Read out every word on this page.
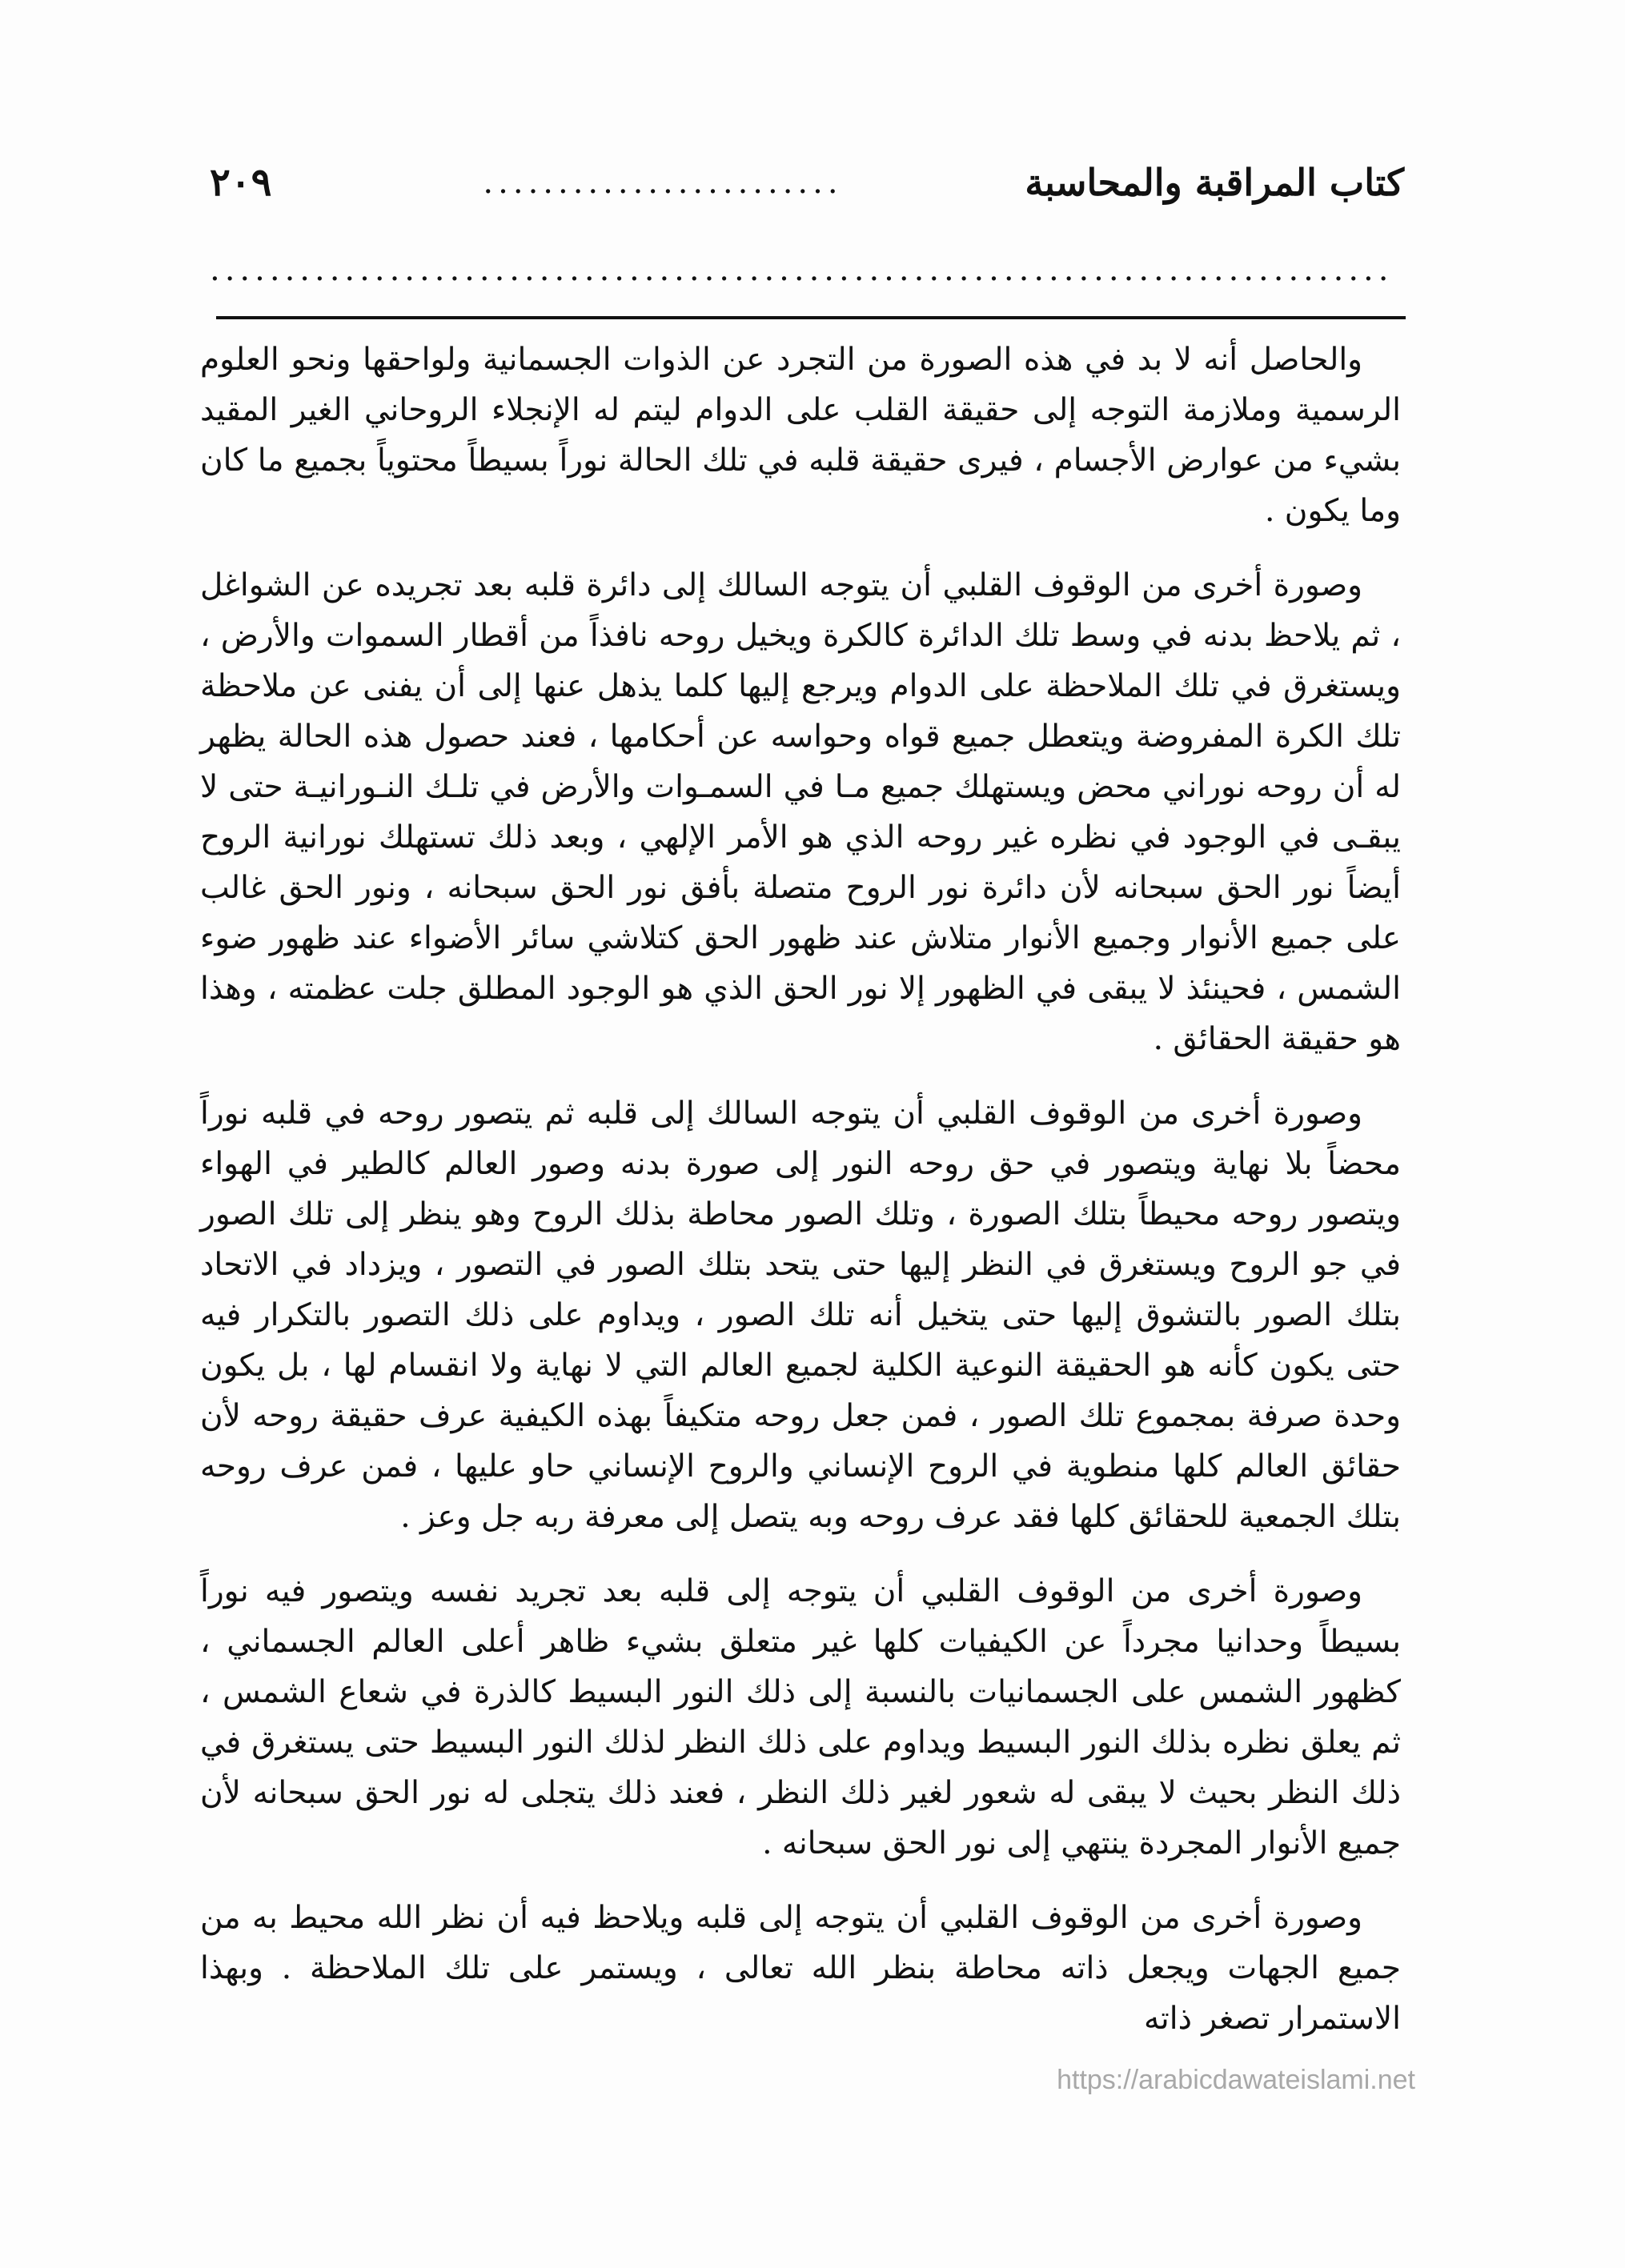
كتاب المراقبة والمحاسبة
........................
٢٠٩
...............................................................................

والحاصل أنه لا بد في هذه الصورة من التجرد عن الذوات الجسمانية ولواحقها ونحو العلوم الرسمية وملازمة التوجه إلى حقيقة القلب على الدوام ليتم له الإنجلاء الروحاني الغير المقيد بشيء من عوارض الأجسام ، فيرى حقيقة قلبه في تلك الحالة نوراً بسيطاً محتوياً بجميع ما كان وما يكون .

وصورة أخرى من الوقوف القلبي أن يتوجه السالك إلى دائرة قلبه بعد تجريده عن الشواغل ، ثم يلاحظ بدنه في وسط تلك الدائرة كالكرة ويخيل روحه نافذاً من أقطار السموات والأرض ، ويستغرق في تلك الملاحظة على الدوام ويرجع إليها كلما يذهل عنها إلى أن يفنى عن ملاحظة تلك الكرة المفروضة ويتعطل جميع قواه وحواسه عن أحكامها ، فعند حصول هذه الحالة يظهر له أن روحه نوراني محض ويستهلك جميع مـا في السمـوات والأرض في تلـك النـورانيـة حتى لا يبقـى في الوجود في نظره غير روحه الذي هو الأمر الإلهي ، وبعد ذلك تستهلك نورانية الروح أيضاً نور الحق سبحانه لأن دائرة نور الروح متصلة بأفق نور الحق سبحانه ، ونور الحق غالب على جميع الأنوار وجميع الأنوار متلاش عند ظهور الحق كتلاشي سائر الأضواء عند ظهور ضوء الشمس ، فحينئذ لا يبقى في الظهور إلا نور الحق الذي هو الوجود المطلق جلت عظمته ، وهذا هو حقيقة الحقائق .

وصورة أخرى من الوقوف القلبي أن يتوجه السالك إلى قلبه ثم يتصور روحه في قلبه نوراً محضاً بلا نهاية ويتصور في حق روحه النور إلى صورة بدنه وصور العالم كالطير في الهواء ويتصور روحه محيطاً بتلك الصورة ، وتلك الصور محاطة بذلك الروح وهو ينظر إلى تلك الصور في جو الروح ويستغرق في النظر إليها حتى يتحد بتلك الصور في التصور ، ويزداد في الاتحاد بتلك الصور بالتشوق إليها حتى يتخيل أنه تلك الصور ، ويداوم على ذلك التصور بالتكرار فيه حتى يكون كأنه هو الحقيقة النوعية الكلية لجميع العالم التي لا نهاية ولا انقسام لها ، بل يكون وحدة صرفة بمجموع تلك الصور ، فمن جعل روحه متكيفاً بهذه الكيفية عرف حقيقة روحه لأن حقائق العالم كلها منطوية في الروح الإنساني والروح الإنساني حاو عليها ، فمن عرف روحه بتلك الجمعية للحقائق كلها فقد عرف روحه وبه يتصل إلى معرفة ربه جل وعز .

وصورة أخرى من الوقوف القلبي أن يتوجه إلى قلبه بعد تجريد نفسه ويتصور فيه نوراً بسيطاً وحدانيا مجرداً عن الكيفيات كلها غير متعلق بشيء ظاهر أعلى العالم الجسماني ، كظهور الشمس على الجسمانيات بالنسبة إلى ذلك النور البسيط كالذرة في شعاع الشمس ، ثم يعلق نظره بذلك النور البسيط ويداوم على ذلك النظر لذلك النور البسيط حتى يستغرق في ذلك النظر بحيث لا يبقى له شعور لغير ذلك النظر ، فعند ذلك يتجلى له نور الحق سبحانه لأن جميع الأنوار المجردة ينتهي إلى نور الحق سبحانه .

وصورة أخرى من الوقوف القلبي أن يتوجه إلى قلبه ويلاحظ فيه أن نظر الله محيط به من جميع الجهات ويجعل ذاته محاطة بنظر الله تعالى ، ويستمر على تلك الملاحظة . وبهذا الاستمرار تصغر ذاته

https://arabicdawateislami.net
